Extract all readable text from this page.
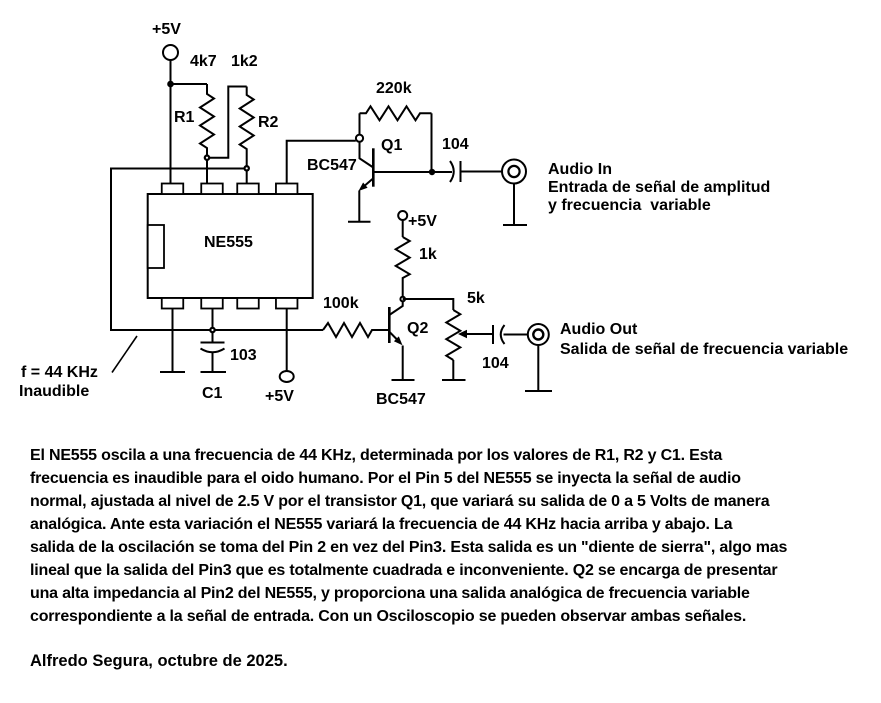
+5V
4k7 1k2
R1	R2
220k
Q1
BC547
104
Audio In
Entrada de señal de amplitud
y frecuencia  variable
NE555
+5V
1k
100k	5k
Q2
BC547
104
Audio Out
Salida de señal de frecuencia variable
f = 44 KHz
Inaudible
103
C1	+5V
El NE555 oscila a una frecuencia de 44 KHz, determinada por los valores de R1, R2 y C1. Esta
frecuencia es inaudible para el oido humano. Por el Pin 5 del NE555 se inyecta la señal de audio
normal, ajustada al nivel de 2.5 V por el transistor Q1, que variará su salida de 0 a 5 Volts de manera
analógica. Ante esta variación el NE555 variará la frecuencia de 44 KHz hacia arriba y abajo. La
salida de la oscilación se toma del Pin 2 en vez del Pin3. Esta salida es un "diente de sierra", algo mas
lineal que la salida del Pin3 que es totalmente cuadrada e inconveniente. Q2 se encarga de presentar
una alta impedancia al Pin2 del NE555, y proporciona una salida analógica de frecuencia variable
correspondiente a la señal de entrada. Con un Osciloscopio se pueden observar ambas señales.
Alfredo Segura, octubre de 2025.
